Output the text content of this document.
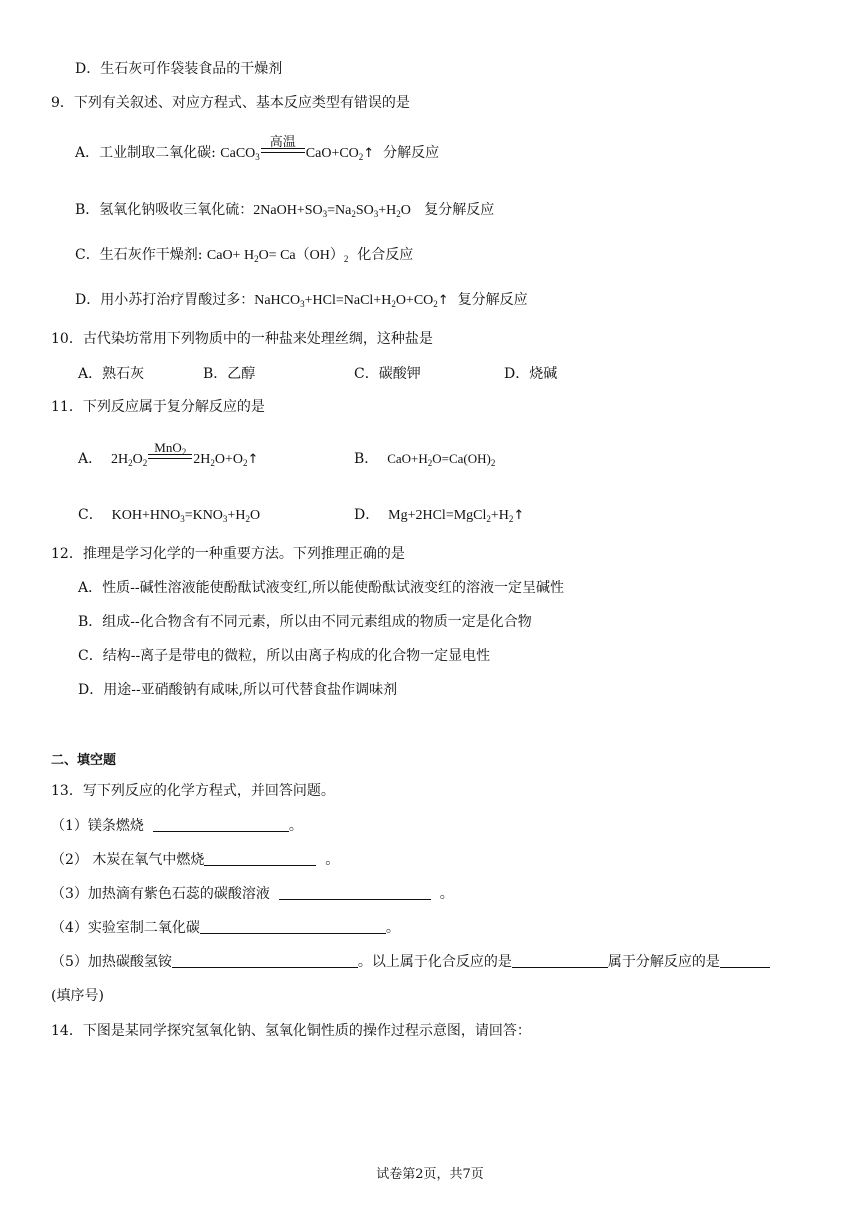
D．生石灰可作袋装食品的干燥剂
9．下列有关叙述、对应方程式、基本反应类型有错误的是
A．工业制取二氧化碳: CaCO$_3$
高温
$CaO+CO_2↑$ 分解反应
B．氢氧化钠吸收三氧化硫：$2NaOH+SO_3=Na_2SO_3+H_2O$ 复分解反应
C．生石灰作干燥剂: $CaO+ H_2O= Ca(OH)_2$ 化合反应
D．用小苏打治疗胃酸过多：$NaHCO_3+HCl=NaCl+H_2O+CO_2↑$ 复分解反应
10．古代染坊常用下列物质中的一种盐来处理丝绸，这种盐是
A．熟石灰	B．乙醇	C．碳酸钾	D．烧碱
11．下列反应属于复分解反应的是
A． $2H_2O_2$
MnO$_2$ $2H_2O+O_2↑$	B． $CaO+H_2O=Ca(OH)_2$
C． $KOH+HNO_3=KNO_3+H_2O$	D． $Mg+2HCl=MgCl_2+H_2↑$
12．推理是学习化学的一种重要方法。下列推理正确的是
A．性质--碱性溶液能使酚酞试液变红,所以能使酚酞试液变红的溶液一定呈碱性
B．组成--化合物含有不同元素，所以由不同元素组成的物质一定是化合物
C．结构--离子是带电的微粒，所以由离子构成的化合物一定显电性
D．用途--亚硝酸钠有咸味,所以可代替食盐作调味剂
二、填空题
13．写下列反应的化学方程式，并回答问题。
（1）镁条燃烧	。
（2） 木炭在氧气中燃烧	。
（3）加热滴有紫色石蕊的碳酸溶液	。
（4）实验室制二氧化碳	。
（5）加热碳酸氢铵	。以上属于化合反应的是	属于分解反应的是
(填序号)
14．下图是某同学探究氢氧化钠、氢氧化铜性质的操作过程示意图，请回答：
试卷第2页，共7页
